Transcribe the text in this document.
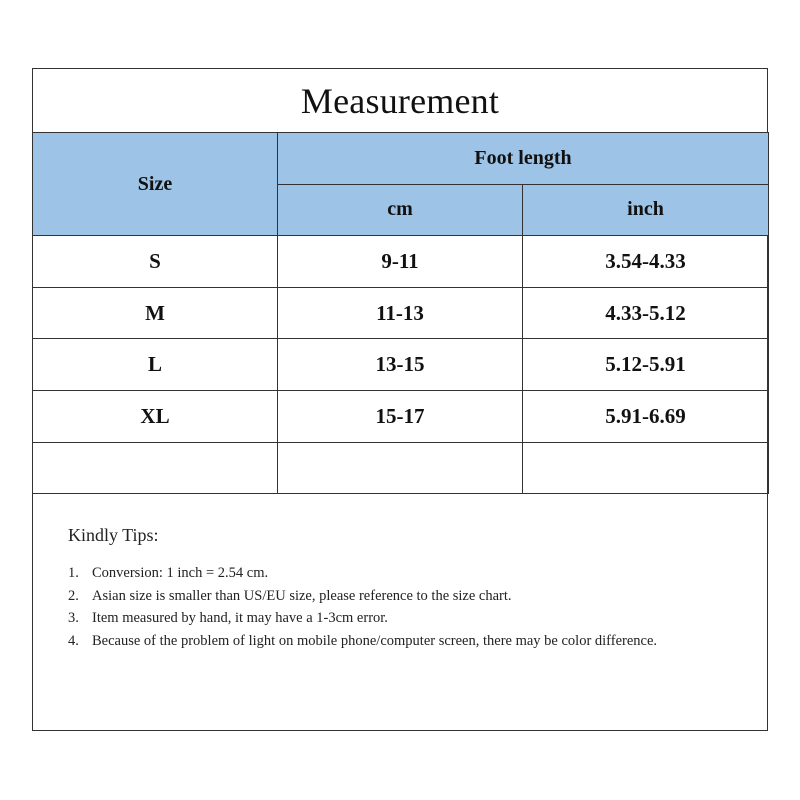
Measurement
Size	Foot length	
	cm	inch
S	9-11	3.54-4.33
M	11-13	4.33-5.12
L	13-15	5.12-5.91
XL	15-17	5.91-6.69

Kindly Tips:
1. Conversion: 1 inch = 2.54 cm.
2. Asian size is smaller than US/EU size, please reference to the size chart.
3. Item measured by hand, it may have a 1-3cm error.
4. Because of the problem of light on mobile phone/computer screen, there may be color difference.
